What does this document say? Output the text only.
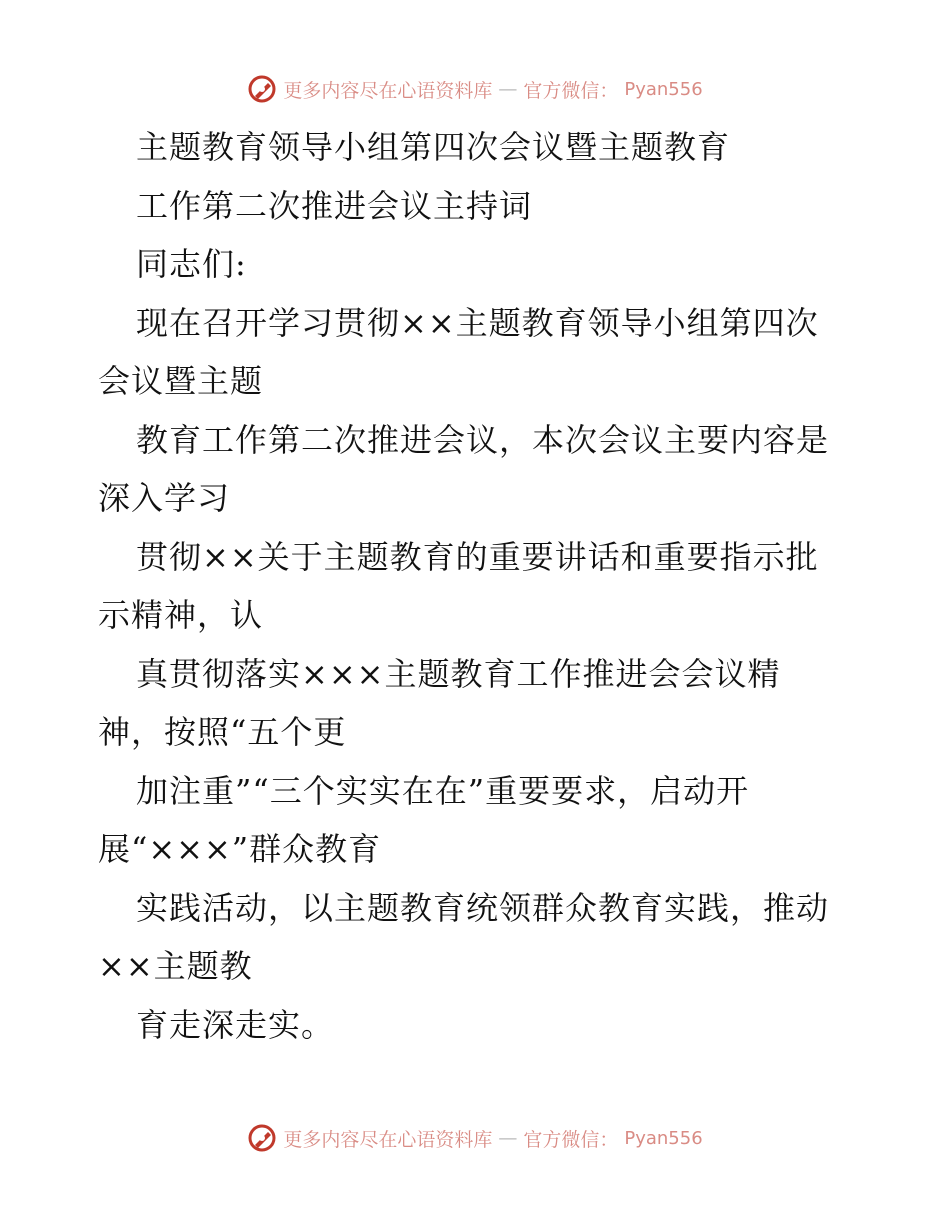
更多内容尽在心语资料库 — 官方微信： Pyan556
主题教育领导小组第四次会议暨主题教育
工作第二次推进会议主持词
同志们:
现在召开学习贯彻××主题教育领导小组第四次
会议暨主题
教育工作第二次推进会议，本次会议主要内容是
深入学习
贯彻××关于主题教育的重要讲话和重要指示批
示精神，认
真贯彻落实×××主题教育工作推进会会议精
神，按照“五个更
加注重”“三个实实在在”重要要求，启动开
展“×××”群众教育
实践活动，以主题教育统领群众教育实践，推动
××主题教
育走深走实。
更多内容尽在心语资料库 — 官方微信： Pyan556
